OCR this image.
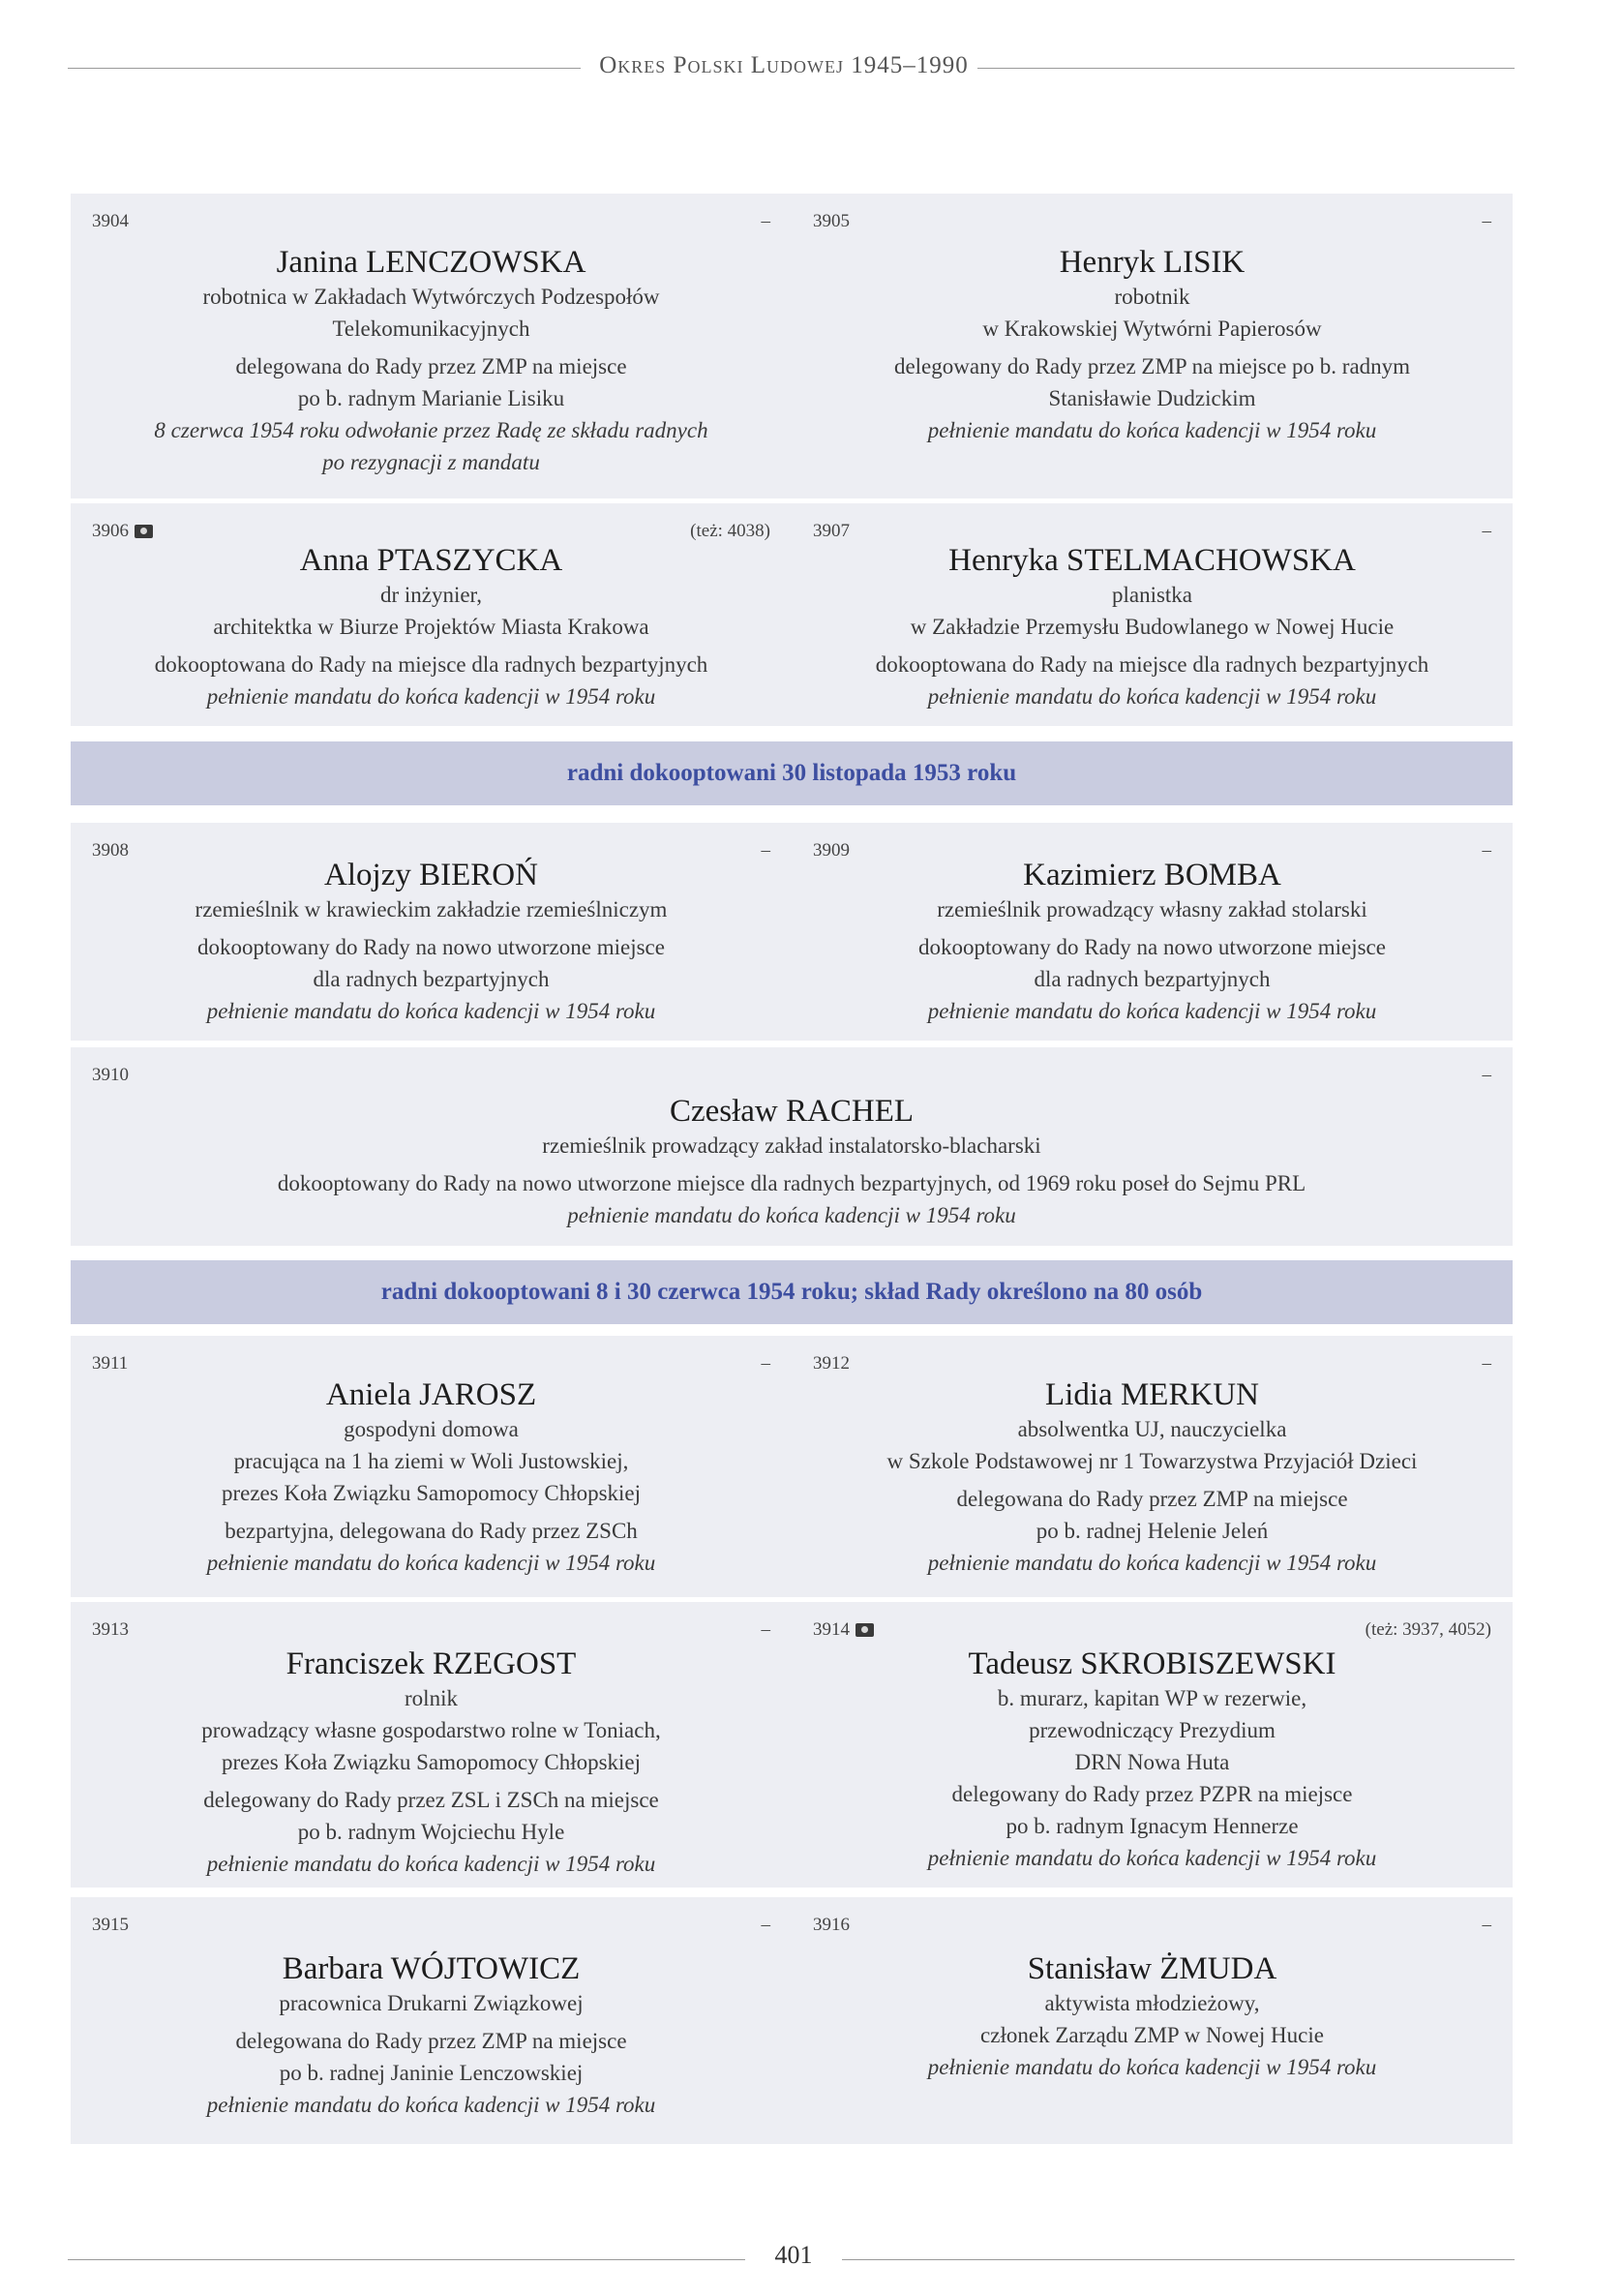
Okres Polski Ludowej 1945–1990
3904	–
Janina LENCZOWSKA
robotnica w Zakładach Wytwórczych Podzespołów
Telekomunikacyjnych
delegowana do Rady przez ZMP na miejsce
po b. radnym Marianie Lisiku
8 czerwca 1954 roku odwołanie przez Radę ze składu radnych
po rezygnacji z mandatu
3905	–
Henryk LISIK
robotnik
w Krakowskiej Wytwórni Papierosów
delegowany do Rady przez ZMP na miejsce po b. radnym
Stanisławie Dudzickim
pełnienie mandatu do końca kadencji w 1954 roku
3906	(też: 4038)
Anna PTASZYCKA
dr inżynier,
architektka w Biurze Projektów Miasta Krakowa
dokooptowana do Rady na miejsce dla radnych bezpartyjnych
pełnienie mandatu do końca kadencji w 1954 roku
3907	–
Henryka STELMACHOWSKA
planistka
w Zakładzie Przemysłu Budowlanego w Nowej Hucie
dokooptowana do Rady na miejsce dla radnych bezpartyjnych
pełnienie mandatu do końca kadencji w 1954 roku
3908	–
Alojzy BIEROŃ
rzemieślnik w krawieckim zakładzie rzemieślniczym
dokooptowany do Rady na nowo utworzone miejsce
dla radnych bezpartyjnych
pełnienie mandatu do końca kadencji w 1954 roku
3909	–
Kazimierz BOMBA
rzemieślnik prowadzący własny zakład stolarski
dokooptowany do Rady na nowo utworzone miejsce
dla radnych bezpartyjnych
pełnienie mandatu do końca kadencji w 1954 roku
3910	–
Czesław RACHEL
rzemieślnik prowadzący zakład instalatorsko-blacharski
dokooptowany do Rady na nowo utworzone miejsce dla radnych bezpartyjnych, od 1969 roku poseł do Sejmu PRL
pełnienie mandatu do końca kadencji w 1954 roku
3911	–
Aniela JAROSZ
gospodyni domowa
pracująca na 1 ha ziemi w Woli Justowskiej,
prezes Koła Związku Samopomocy Chłopskiej
bezpartyjna, delegowana do Rady przez ZSCh
pełnienie mandatu do końca kadencji w 1954 roku
3912	–
Lidia MERKUN
absolwentka UJ, nauczycielka
w Szkole Podstawowej nr 1 Towarzystwa Przyjaciół Dzieci
delegowana do Rady przez ZMP na miejsce
po b. radnej Helenie Jeleń
pełnienie mandatu do końca kadencji w 1954 roku
3913	–
Franciszek RZEGOST
rolnik
prowadzący własne gospodarstwo rolne w Toniach,
prezes Koła Związku Samopomocy Chłopskiej
delegowany do Rady przez ZSL i ZSCh na miejsce
po b. radnym Wojciechu Hyle
pełnienie mandatu do końca kadencji w 1954 roku
3914	(też: 3937, 4052)
Tadeusz SKROBISZEWSKI
b. murarz, kapitan WP w rezerwie,
przewodniczący Prezydium
DRN Nowa Huta
delegowany do Rady przez PZPR na miejsce
po b. radnym Ignacym Hennerze
pełnienie mandatu do końca kadencji w 1954 roku
3915	–
Barbara WÓJTOWICZ
pracownica Drukarni Związkowej
delegowana do Rady przez ZMP na miejsce
po b. radnej Janinie Lenczowskiej
pełnienie mandatu do końca kadencji w 1954 roku
3916	–
Stanisław ŻMUDA
aktywista młodzieżowy,
członek Zarządu ZMP w Nowej Hucie
pełnienie mandatu do końca kadencji w 1954 roku
radni dokooptowani 30 listopada 1953 roku
radni dokooptowani 8 i 30 czerwca 1954 roku; skład Rady określono na 80 osób
401
